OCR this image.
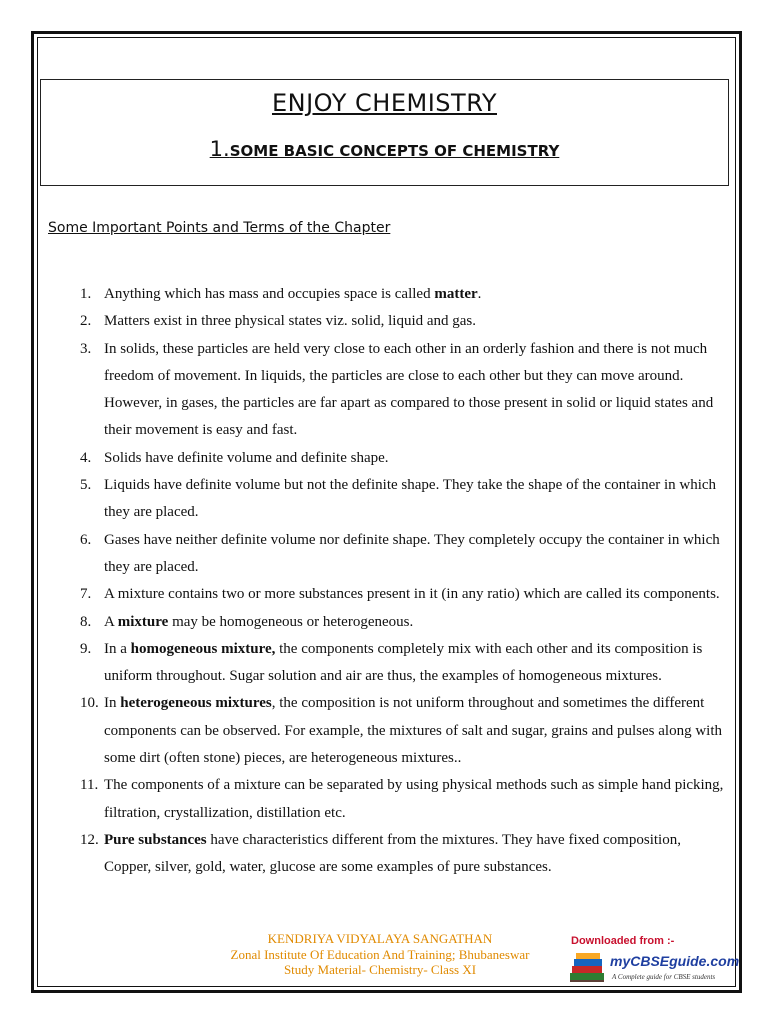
ENJOY CHEMISTRY
1.SOME BASIC CONCEPTS OF CHEMISTRY
Some Important Points and Terms of the Chapter
1. Anything which has mass and occupies space is called matter.
2. Matters exist in three physical states viz. solid, liquid and gas.
3. In solids, these particles are held very close to each other in an orderly fashion and there is not much freedom of movement. In liquids, the particles are close to each other but they can move around. However, in gases, the particles are far apart as compared to those present in solid or liquid states and their movement is easy and fast.
4. Solids have definite volume and definite shape.
5. Liquids have definite volume but not the definite shape. They take the shape of the container in which they are placed.
6. Gases have neither definite volume nor definite shape. They completely occupy the container in which they are placed.
7. A mixture contains two or more substances present in it (in any ratio) which are called its components.
8. A mixture may be homogeneous or heterogeneous.
9. In a homogeneous mixture, the components completely mix with each other and its composition is uniform throughout. Sugar solution and air are thus, the examples of homogeneous mixtures.
10. In heterogeneous mixtures, the composition is not uniform throughout and sometimes the different components can be observed. For example, the mixtures of salt and sugar, grains and pulses along with some dirt (often stone) pieces, are heterogeneous mixtures..
11. The components of a mixture can be separated by using physical methods such as simple hand picking, filtration, crystallization, distillation etc.
12. Pure substances have characteristics different from the mixtures. They have fixed composition, Copper, silver, gold, water, glucose are some examples of pure substances.
KENDRIYA VIDYALAYA SANGATHAN
Zonal Institute Of Education And Training; Bhubaneswar
Study Material- Chemistry- Class XI
Downloaded from :-
myCBSEguide.com
A Complete guide for CBSE students
